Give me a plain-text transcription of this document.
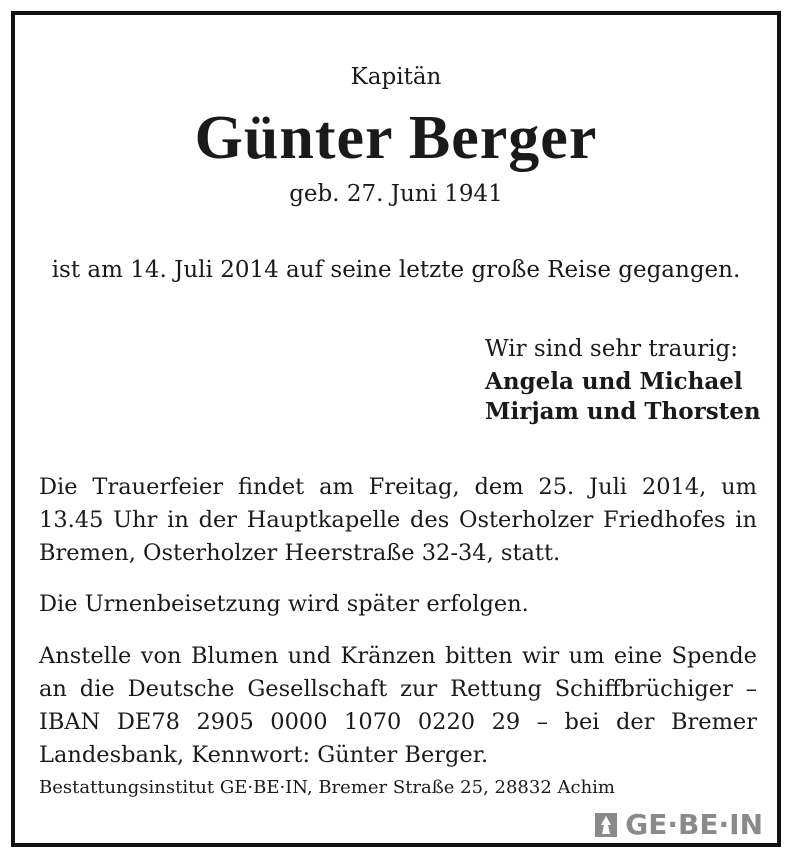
Kapitän
Günter Berger
geb. 27. Juni 1941
ist am 14. Juli 2014 auf seine letzte große Reise gegangen.
Wir sind sehr traurig:
Angela und Michael
Mirjam und Thorsten
Die Trauerfeier findet am Freitag, dem 25. Juli 2014, um 13.45 Uhr in der Hauptkapelle des Osterholzer Friedhofes in Bremen, Osterholzer Heerstraße 32-34, statt.
Die Urnenbeisetzung wird später erfolgen.
Anstelle von Blumen und Kränzen bitten wir um eine Spende an die Deutsche Gesellschaft zur Rettung Schiffbrüchiger – IBAN DE78 2905 0000 1070 0220 29 – bei der Bremer Landesbank, Kennwort: Günter Berger.
Bestattungsinstitut GE·BE·IN, Bremer Straße 25, 28832 Achim
GE·BE·IN
